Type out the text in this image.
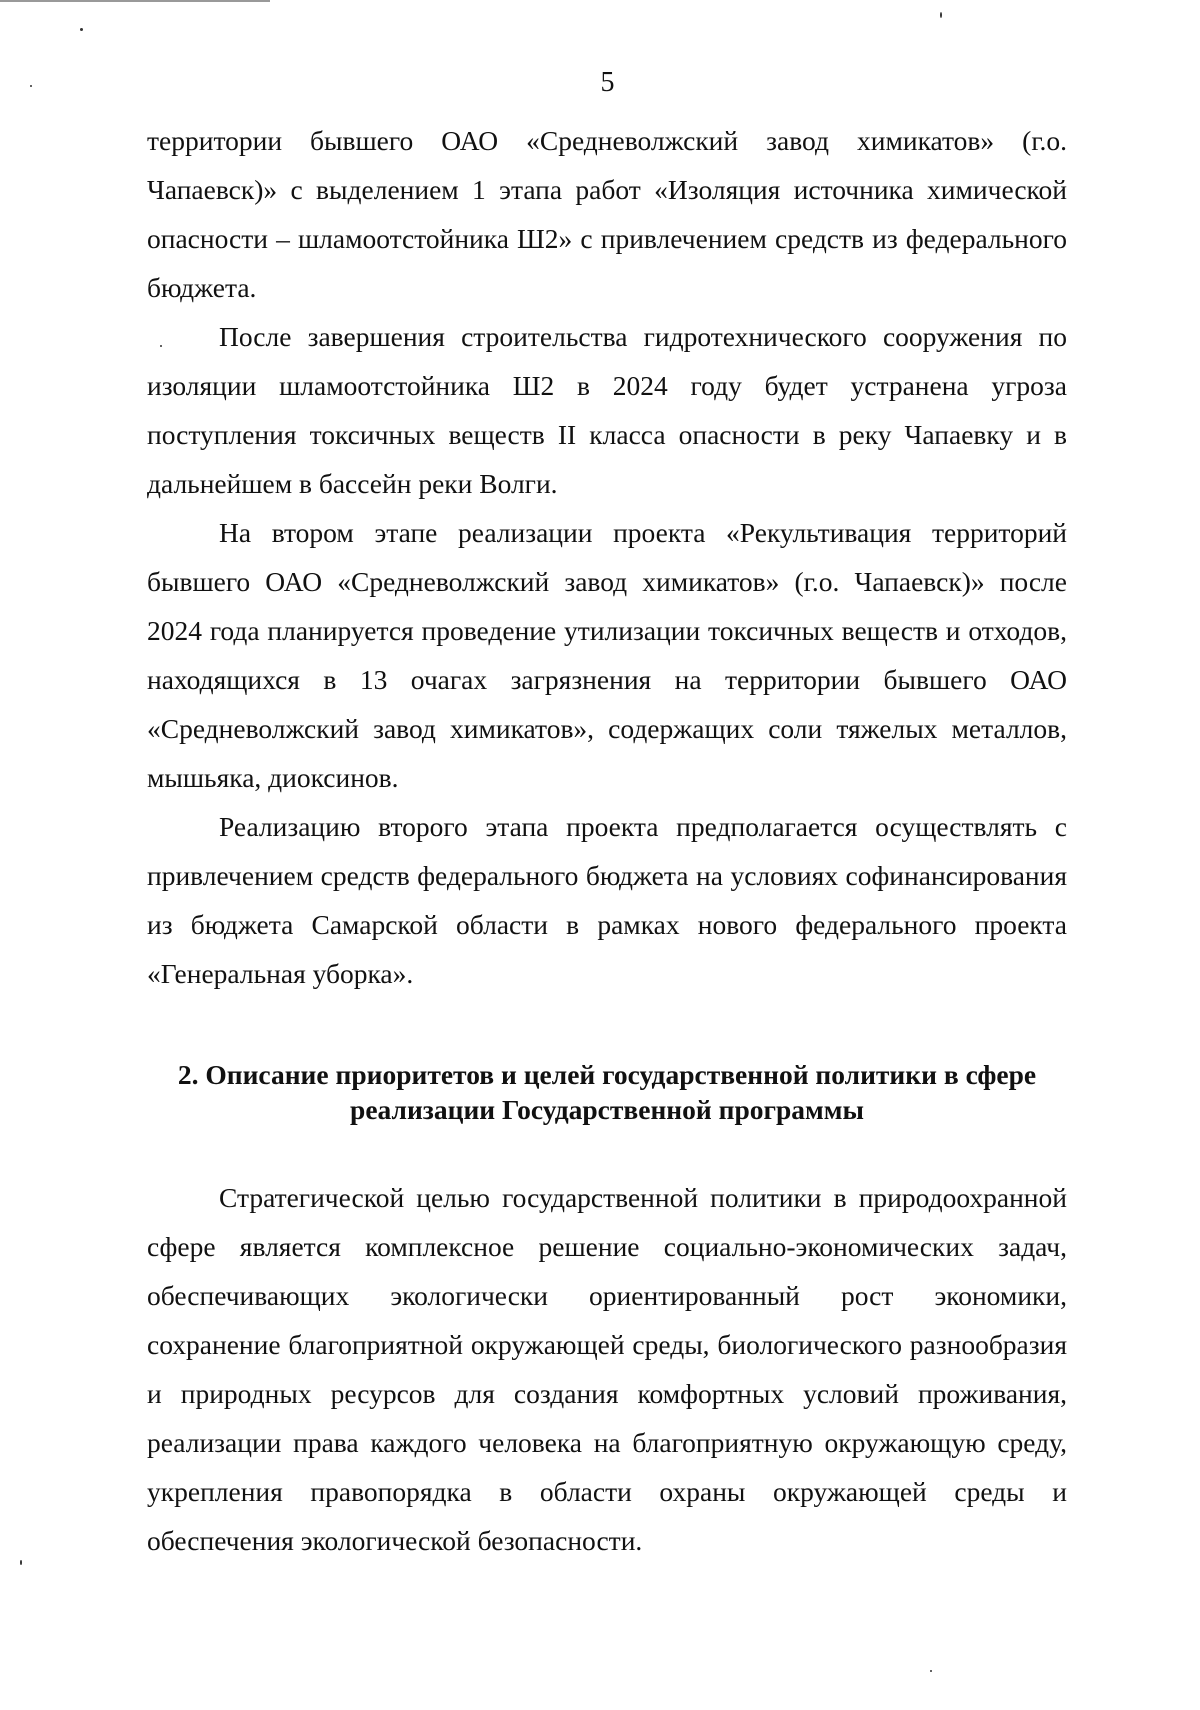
5

территории бывшего ОАО «Средневолжский завод химикатов» (г.о. Чапаевск)» с выделением 1 этапа работ «Изоляция источника химической опасности – шламоотстойника Ш2» с привлечением средств из федерального бюджета.

После завершения строительства гидротехнического сооружения по изоляции шламоотстойника Ш2 в 2024 году будет устранена угроза поступления токсичных веществ II класса опасности в реку Чапаевку и в дальнейшем в бассейн реки Волги.

На втором этапе реализации проекта «Рекультивация территорий бывшего ОАО «Средневолжский завод химикатов» (г.о. Чапаевск)» после 2024 года планируется проведение утилизации токсичных веществ и отходов, находящихся в 13 очагах загрязнения на территории бывшего ОАО «Средневолжский завод химикатов», содержащих соли тяжелых металлов, мышьяка, диоксинов.

Реализацию второго этапа проекта предполагается осуществлять с привлечением средств федерального бюджета на условиях софинансирования из бюджета Самарской области в рамках нового федерального проекта «Генеральная уборка».

2. Описание приоритетов и целей государственной политики в сфере
реализации Государственной программы

Стратегической целью государственной политики в природоохранной сфере является комплексное решение социально-экономических задач, обеспечивающих экологически ориентированный рост экономики, сохранение благоприятной окружающей среды, биологического разнообразия и природных ресурсов для создания комфортных условий проживания, реализации права каждого человека на благоприятную окружающую среду, укрепления правопорядка в области охраны окружающей среды и обеспечения экологической безопасности.
